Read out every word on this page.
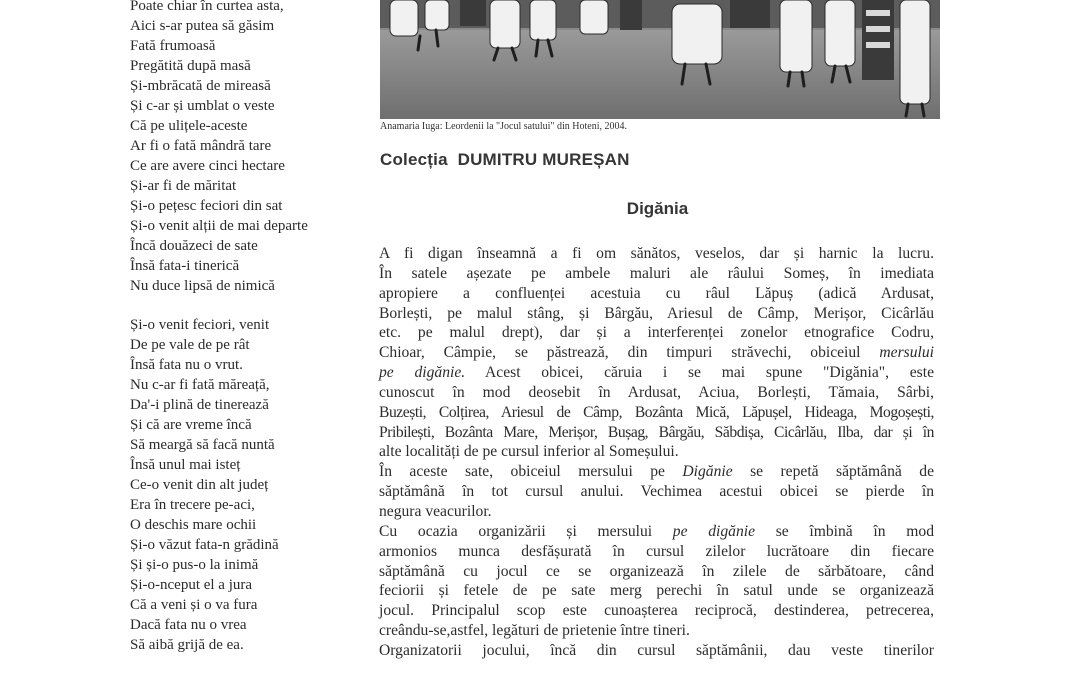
Poate chiar în curtea asta,
Aici s-ar putea să găsim
Fată frumoasă
Pregătită după masă
Și-mbrăcată de mireasă
Și c-ar și umblat o veste
Că pe ulițele-aceste
Ar fi o fată mândră tare
Ce are avere cinci hectare
Și-ar fi de măritat
Și-o pețesc feciori din sat
Și-o venit alții de mai departe
Încă douăzeci de sate
Însă fata-i tinerică
Nu duce lipsă de nimică
Și-o venit feciori, venit
De pe vale de pe rât
Însă fata nu o vrut.
Nu c-ar fi fată măreață,
Da'-i plină de tinerează
Și că are vreme încă
Să meargă să facă nuntă
Însă unul mai isteț
Ce-o venit din alt județ
Era în trecere pe-aci,
O deschis mare ochii
Și-o văzut fata-n grădină
Și și-o pus-o la inimă
Și-o-nceput el a jura
Că a veni și o va fura
Dacă fata nu o vrea
Să aibă grijă de ea.
Anamaria Iuga: Leordenii la "Jocul satului" din Hoteni, 2004.
Colecția DUMITRU MUREȘAN
Digănia
A fi digan înseamnă a fi om sănătos, veselos, dar și harnic la lucru.
În satele așezate pe ambele maluri ale râului Someș, în imediata
apropiere a confluenței acestuia cu râul Lăpuș (adică Ardusat,
Borlești, pe malul stâng, și Bârgău, Ariesul de Câmp, Merișor, Cicârlău
etc. pe malul drept), dar și a interferenței zonelor etnografice Codru,
Chioar, Câmpie, se păstrează, din timpuri străvechi, obiceiul mersului
pe digănie. Acest obicei, căruia i se mai spune "Digănia", este
cunoscut în mod deosebit în Ardusat, Aciua, Borlești, Tămaia, Sârbi,
Buzești, Colțirea, Ariesul de Câmp, Bozânta Mică, Lăpușel, Hideaga, Mogoșești,
Pribilești, Bozânta Mare, Merișor, Bușag, Bârgău, Săbdișa, Cicârlău, Ilba, dar și în
alte localități de pe cursul inferior al Someșului.
În aceste sate, obiceiul mersului pe Digănie se repetă săptămână de
săptămână în tot cursul anului. Vechimea acestui obicei se pierde în
negura veacurilor.
Cu ocazia organizării și mersului pe digănie se îmbină în mod
armonios munca desfășurată în cursul zilelor lucrătoare din fiecare
săptămână cu jocul ce se organizează în zilele de sărbătoare, când
feciorii și fetele de pe sate merg perechi în satul unde se organizează
jocul. Principalul scop este cunoașterea reciprocă, destinderea, petrecerea,
creându-se,astfel, legături de prietenie între tineri.
Organizatorii jocului, încă din cursul săptămânii, dau veste tinerilor
